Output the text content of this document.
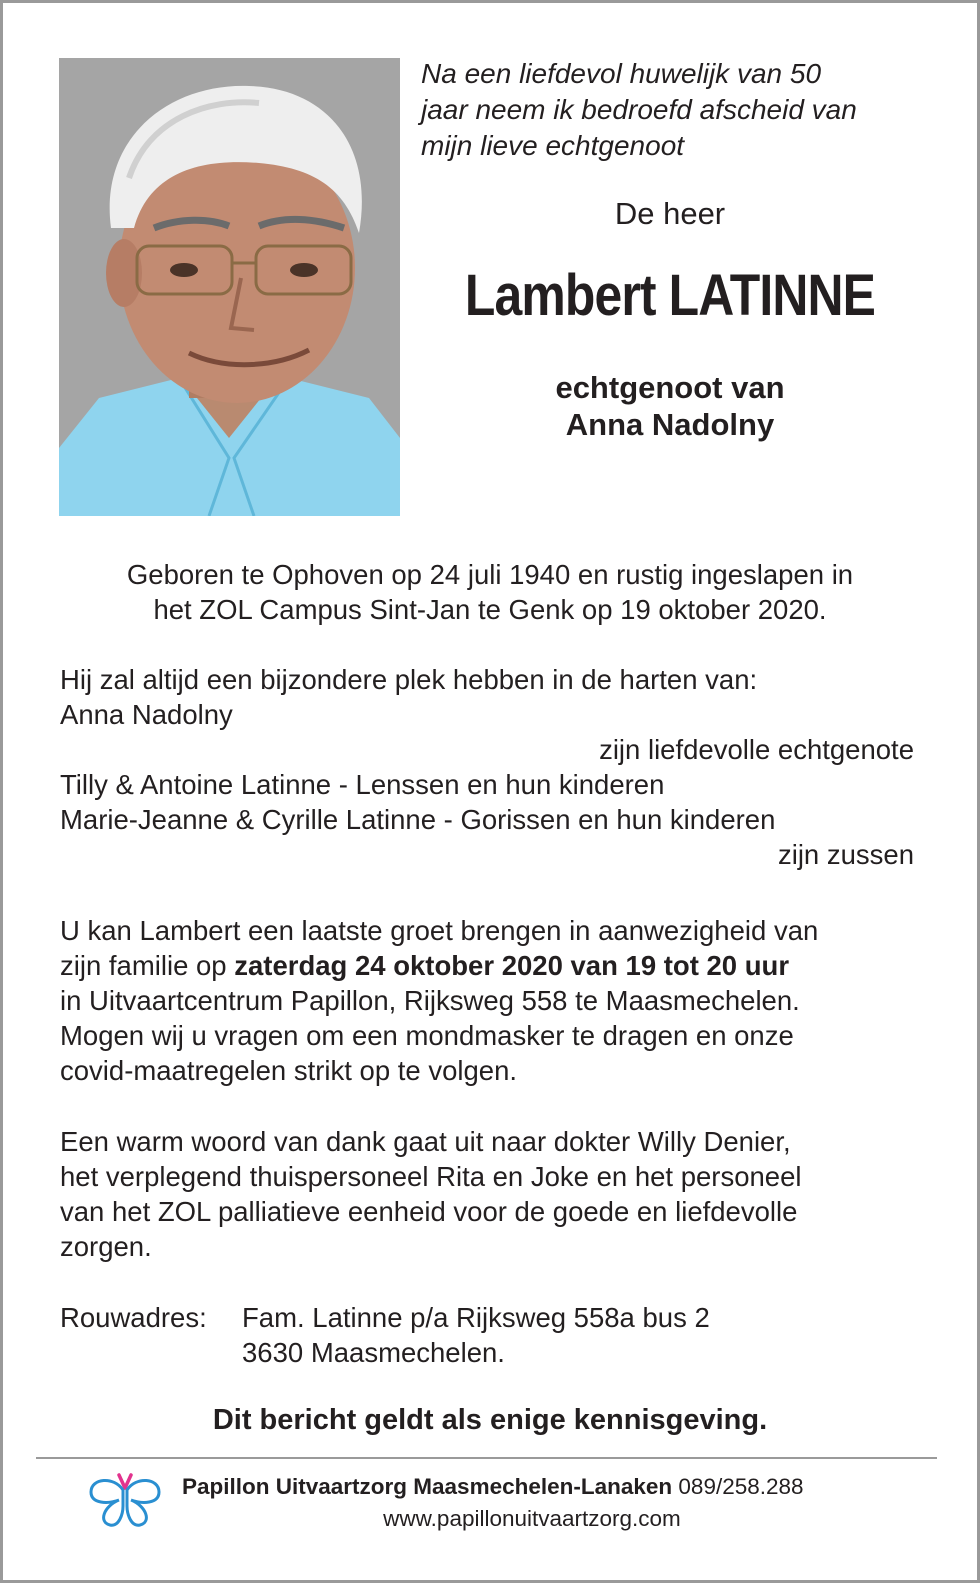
Na een liefdevol huwelijk van 50
jaar neem ik bedroefd afscheid van
mijn lieve echtgenoot
De heer
Lambert LATINNE
echtgenoot van
Anna Nadolny
Geboren te Ophoven op 24 juli 1940 en rustig ingeslapen in
het ZOL Campus Sint-Jan te Genk op 19 oktober 2020.
Hij zal altijd een bijzondere plek hebben in de harten van:
Anna Nadolny
zijn liefdevolle echtgenote
Tilly & Antoine Latinne - Lenssen en hun kinderen
Marie-Jeanne & Cyrille Latinne - Gorissen en hun kinderen
zijn zussen
U kan Lambert een laatste groet brengen in aanwezigheid van
zijn familie op zaterdag 24 oktober 2020 van 19 tot 20 uur
in Uitvaartcentrum Papillon, Rijksweg 558 te Maasmechelen.
Mogen wij u vragen om een mondmasker te dragen en onze
covid-maatregelen strikt op te volgen.
Een warm woord van dank gaat uit naar dokter Willy Denier,
het verplegend thuispersoneel Rita en Joke en het personeel
van het ZOL palliatieve eenheid voor de goede en liefdevolle
zorgen.
Rouwadres: Fam. Latinne p/a Rijksweg 558a bus 2
3630 Maasmechelen.
Dit bericht geldt als enige kennisgeving.
Papillon Uitvaartzorg Maasmechelen-Lanaken 089/258.288
www.papillonuitvaartzorg.com
